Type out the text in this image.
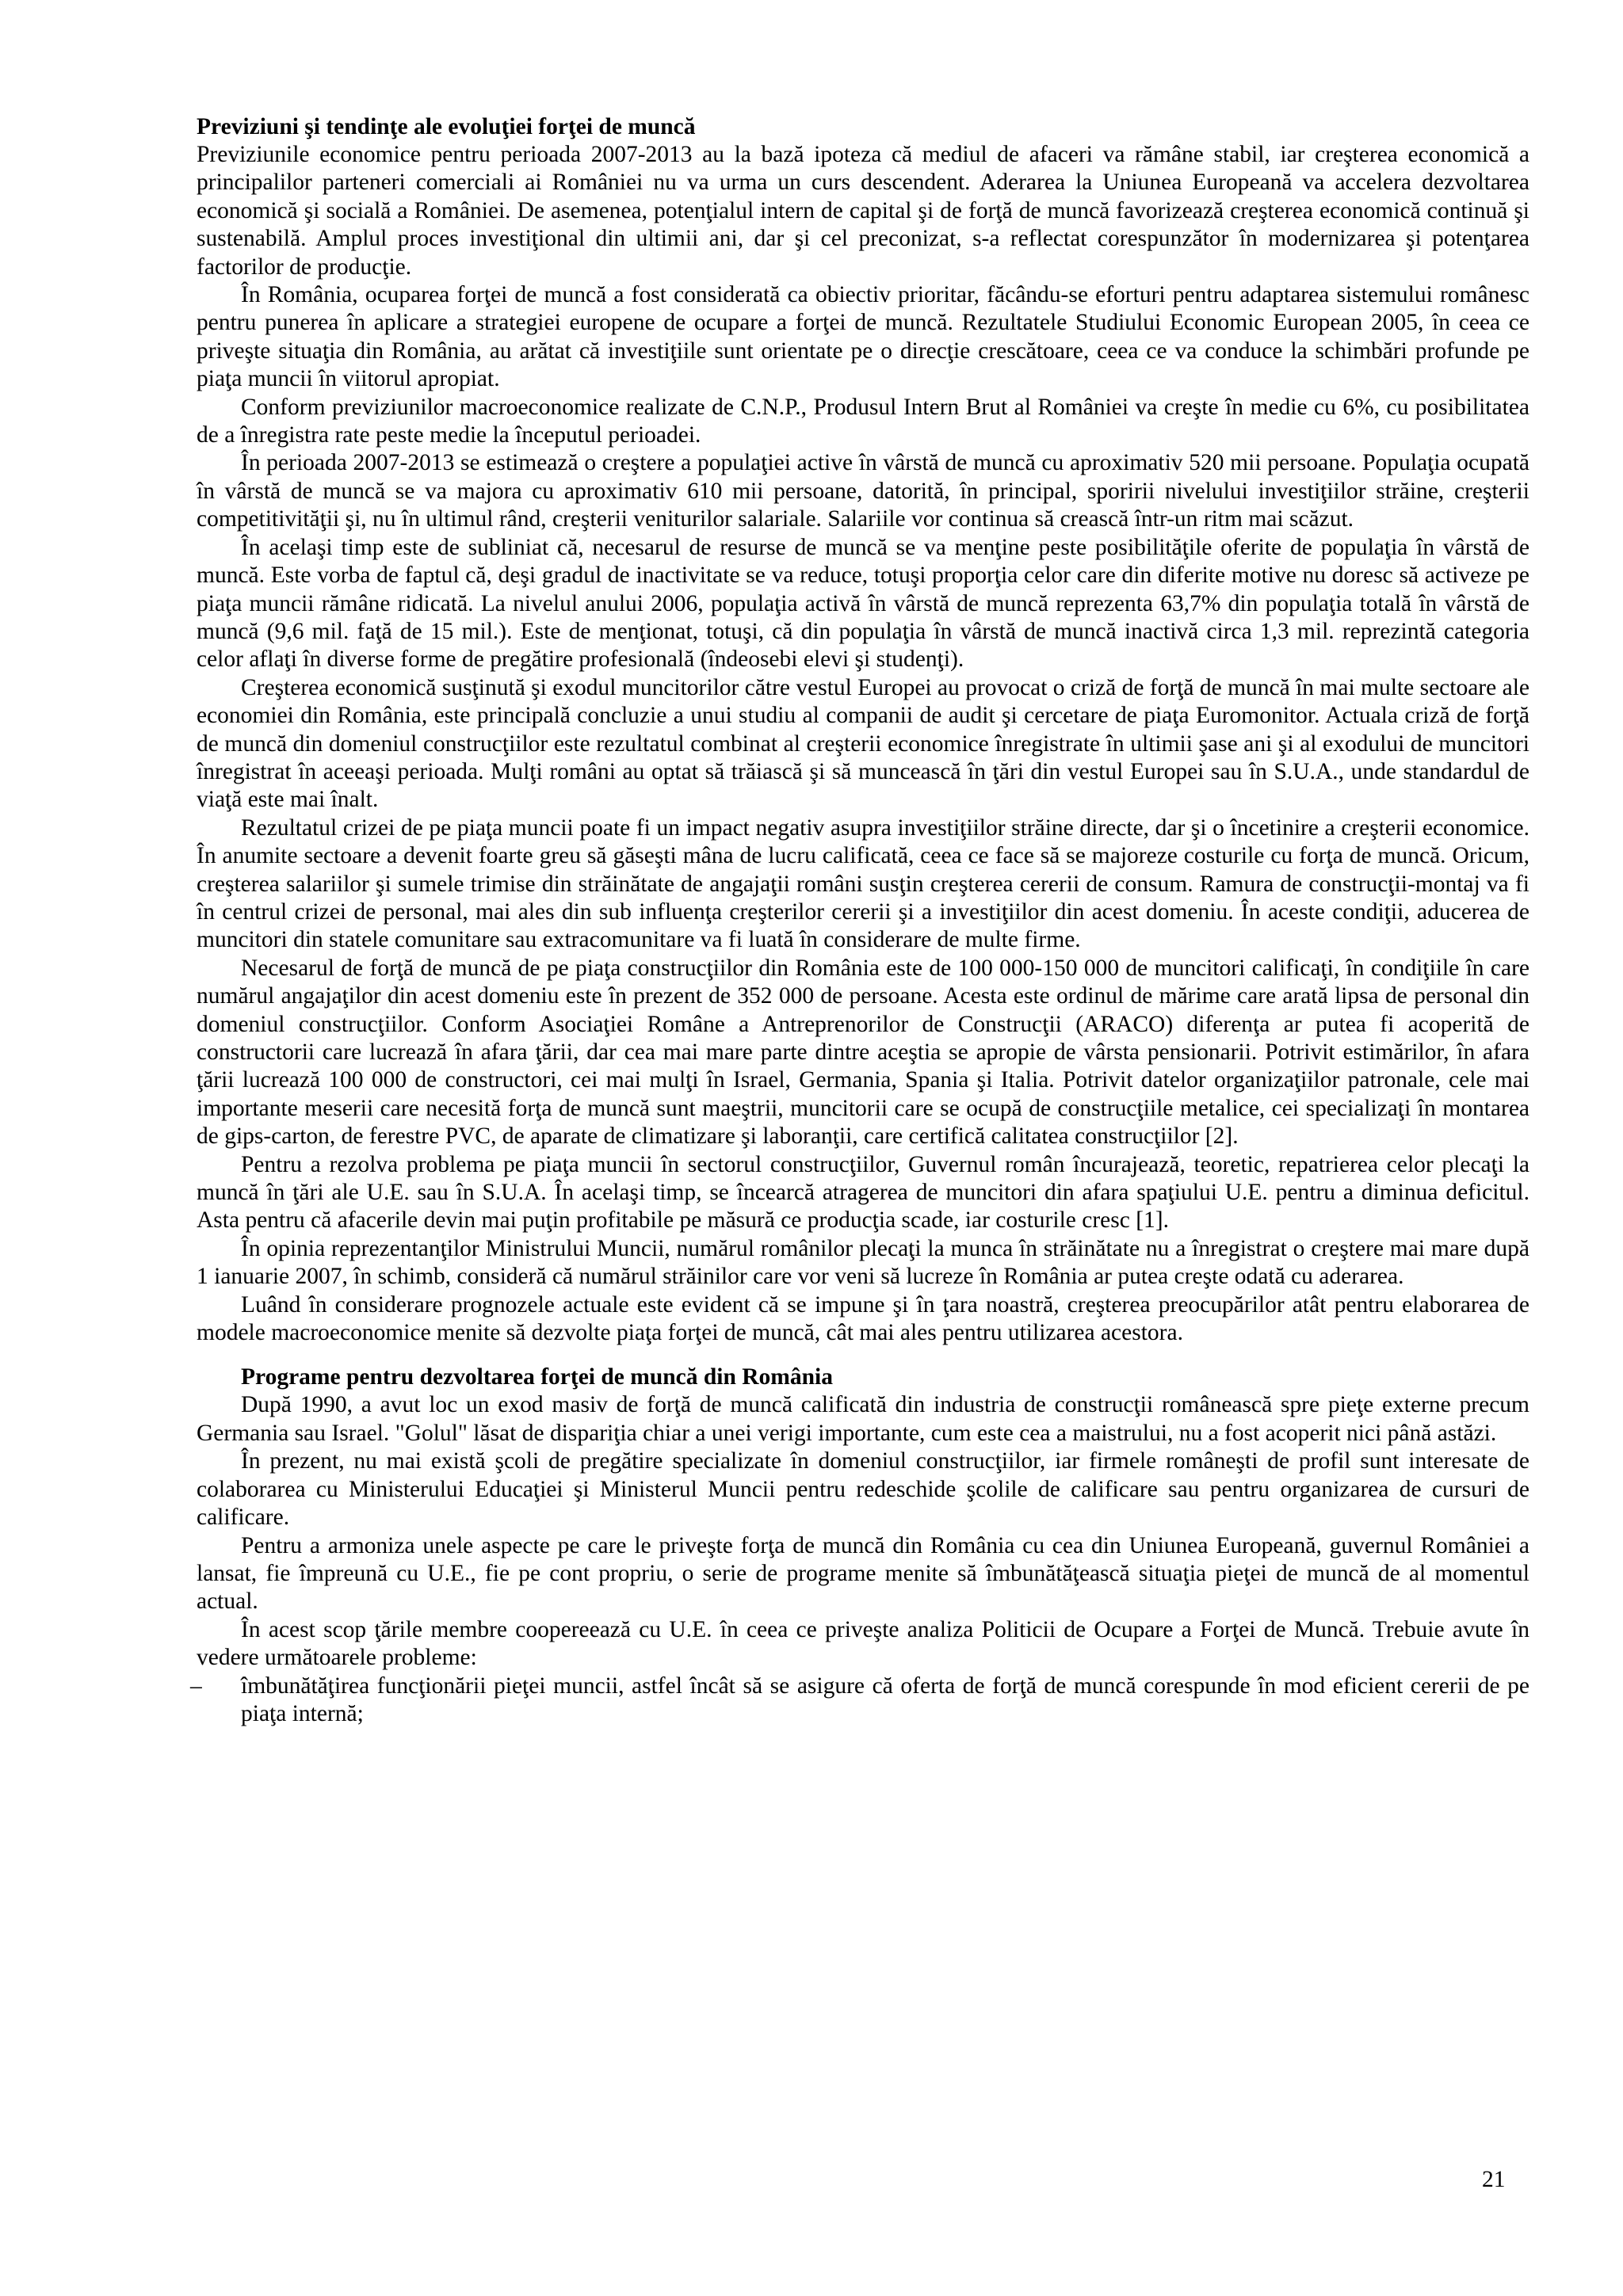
Previziuni şi tendinţe ale evoluţiei forţei de muncă

Previziunile economice pentru perioada 2007-2013 au la bază ipoteza că mediul de afaceri va rămâne stabil, iar creşterea economică a principalilor parteneri comerciali ai României nu va urma un curs descendent. Aderarea la Uniunea Europeană va accelera dezvoltarea economică şi socială a României. De asemenea, potenţialul intern de capital şi de forţă de muncă favorizează creşterea economică continuă şi sustenabilă. Amplul proces investiţional din ultimii ani, dar şi cel preconizat, s-a reflectat corespunzător în modernizarea şi potenţarea factorilor de producţie.

În România, ocuparea forţei de muncă a fost considerată ca obiectiv prioritar, făcându-se eforturi pentru adaptarea sistemului românesc pentru punerea în aplicare a strategiei europene de ocupare a forţei de muncă. Rezultatele Studiului Economic European 2005, în ceea ce priveşte situaţia din România, au arătat că investiţiile sunt orientate pe o direcţie crescătoare, ceea ce va conduce la schimbări profunde pe piaţa muncii în viitorul apropiat.

Conform previziunilor macroeconomice realizate de C.N.P., Produsul Intern Brut al României va creşte în medie cu 6%, cu posibilitatea de a înregistra rate peste medie la începutul perioadei.

În perioada 2007-2013 se estimează o creştere a populaţiei active în vârstă de muncă cu aproximativ 520 mii persoane. Populaţia ocupată în vârstă de muncă se va majora cu aproximativ 610 mii persoane, datorită, în principal, sporirii nivelului investiţiilor străine, creşterii competitivităţii şi, nu în ultimul rând, creşterii veniturilor salariale. Salariile vor continua să crească într-un ritm mai scăzut.

În acelaşi timp este de subliniat că, necesarul de resurse de muncă se va menţine peste posibilităţile oferite de populaţia în vârstă de muncă. Este vorba de faptul că, deşi gradul de inactivitate se va reduce, totuşi proporţia celor care din diferite motive nu doresc să activeze pe piaţa muncii rămâne ridicată. La nivelul anului 2006, populaţia activă în vârstă de muncă reprezenta 63,7% din populaţia totală în vârstă de muncă (9,6 mil. faţă de 15 mil.). Este de menţionat, totuşi, că din populaţia în vârstă de muncă inactivă circa 1,3 mil. reprezintă categoria celor aflaţi în diverse forme de pregătire profesională (îndeosebi elevi şi studenţi).

Creşterea economică susţinută şi exodul muncitorilor către vestul Europei au provocat o criză de forţă de muncă în mai multe sectoare ale economiei din România, este principală concluzie a unui studiu al companii de audit şi cercetare de piaţa Euromonitor. Actuala criză de forţă de muncă din domeniul construcţiilor este rezultatul combinat al creşterii economice înregistrate în ultimii şase ani şi al exodului de muncitori înregistrat în aceeaşi perioada. Mulţi români au optat să trăiască şi să muncească în ţări din vestul Europei sau în S.U.A., unde standardul de viaţă este mai înalt.

Rezultatul crizei de pe piaţa muncii poate fi un impact negativ asupra investiţiilor străine directe, dar şi o încetinire a creşterii economice. În anumite sectoare a devenit foarte greu să găseşti mâna de lucru calificată, ceea ce face să se majoreze costurile cu forţa de muncă. Oricum, creşterea salariilor şi sumele trimise din străinătate de angajaţii români susţin creşterea cererii de consum. Ramura de construcţii-montaj va fi în centrul crizei de personal, mai ales din sub influenţa creşterilor cererii şi a investiţiilor din acest domeniu. În aceste condiţii, aducerea de muncitori din statele comunitare sau extracomunitare va fi luată în considerare de multe firme.

Necesarul de forţă de muncă de pe piaţa construcţiilor din România este de 100 000-150 000 de muncitori calificaţi, în condiţiile în care numărul angajaţilor din acest domeniu este în prezent de 352 000 de persoane. Acesta este ordinul de mărime care arată lipsa de personal din domeniul construcţiilor. Conform Asociaţiei Române a Antreprenorilor de Construcţii (ARACO) diferenţa ar putea fi acoperită de constructorii care lucrează în afara ţării, dar cea mai mare parte dintre aceştia se apropie de vârsta pensionarii. Potrivit estimărilor, în afara ţării lucrează 100 000 de constructori, cei mai mulţi în Israel, Germania, Spania şi Italia. Potrivit datelor organizaţiilor patronale, cele mai importante meserii care necesită forţa de muncă sunt maeştrii, muncitorii care se ocupă de construcţiile metalice, cei specializaţi în montarea de gips-carton, de ferestre PVC, de aparate de climatizare şi laboranţii, care certifică calitatea construcţiilor [2].

Pentru a rezolva problema pe piaţa muncii în sectorul construcţiilor, Guvernul român încurajează, teoretic, repatrierea celor plecaţi la muncă în ţări ale U.E. sau în S.U.A. În acelaşi timp, se încearcă atragerea de muncitori din afara spaţiului U.E. pentru a diminua deficitul. Asta pentru că afacerile devin mai puţin profitabile pe măsură ce producţia scade, iar costurile cresc [1].

În opinia reprezentanţilor Ministrului Muncii, numărul românilor plecaţi la munca în străinătate nu a înregistrat o creştere mai mare după 1 ianuarie 2007, în schimb, consideră că numărul străinilor care vor veni să lucreze în România ar putea creşte odată cu aderarea.

Luând în considerare prognozele actuale este evident că se impune şi în ţara noastră, creşterea preocupărilor atât pentru elaborarea de modele macroeconomice menite să dezvolte piaţa forţei de muncă, cât mai ales pentru utilizarea acestora.

Programe pentru dezvoltarea forţei de muncă din România

După 1990, a avut loc un exod masiv de forţă de muncă calificată din industria de construcţii românească spre pieţe externe precum Germania sau Israel. "Golul" lăsat de dispariţia chiar a unei verigi importante, cum este cea a maistrului, nu a fost acoperit nici până astăzi.

În prezent, nu mai există şcoli de pregătire specializate în domeniul construcţiilor, iar firmele româneşti de profil sunt interesate de colaborarea cu Ministerului Educaţiei şi Ministerul Muncii pentru redeschide şcolile de calificare sau pentru organizarea de cursuri de calificare.

Pentru a armoniza unele aspecte pe care le priveşte forţa de muncă din România cu cea din Uniunea Europeană, guvernul României a lansat, fie împreună cu U.E., fie pe cont propriu, o serie de programe menite să îmbunătăţească situaţia pieţei de muncă de al momentul actual.

În acest scop ţările membre coopereează cu U.E. în ceea ce priveşte analiza Politicii de Ocupare a Forţei de Muncă. Trebuie avute în vedere următoarele probleme:

– îmbunătăţirea funcţionării pieţei muncii, astfel încât să se asigure că oferta de forţă de muncă corespunde în mod eficient cererii de pe piaţa internă;
21
